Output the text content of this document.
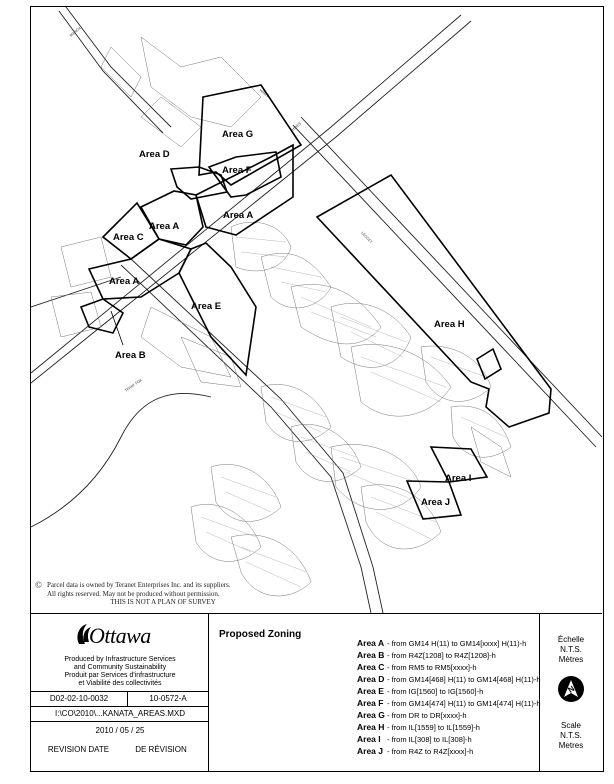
HINES
HINES
LEGGET
MARCH
TERRY FOX
Area G
Area D
Area F
Area A
Area A
Area C
Area A
Area B
Area E
Area H
Area I
Area J
© Parcel data is owned by Teranet Enterprises Inc. and its suppliers.
All rights reserved. May not be produced without permission.
THIS IS NOT A PLAN OF SURVEY
Ottawa
Produced by Infrastructure Services
and Community Sustainability
Produit par Services d'infrastructure
et Viabilité des collectivités
D02-02-10-0032	10-0572-A
I:\CO\2010\...KANATA_AREAS.MXD
2010 / 05 / 25
REVISION DATE	DE RÉVISION
Proposed Zoning
Area A - from GM14 H(11) to GM14[xxxx] H(11)-h
Area B - from R4Z[1208] to R4Z[1208]-h
Area C - from RM5 to RM5[xxxx]-h
Area D - from GM14[468] H(11) to GM14[468] H(11)-h
Area E - from IG[1560] to IG[1560]-h
Area F - from GM14[474] H(11) to GM14[474] H(11)-h
Area G - from DR to DR[xxxx]-h
Area H - from IL[1559] to IL[1559]-h
Area I - from IL[308] to IL[308]-h
Area J - from R4Z to R4Z[xxxx]-h
Échelle
N.T.S.
Mètres
N
Scale
N.T.S.
Metres
